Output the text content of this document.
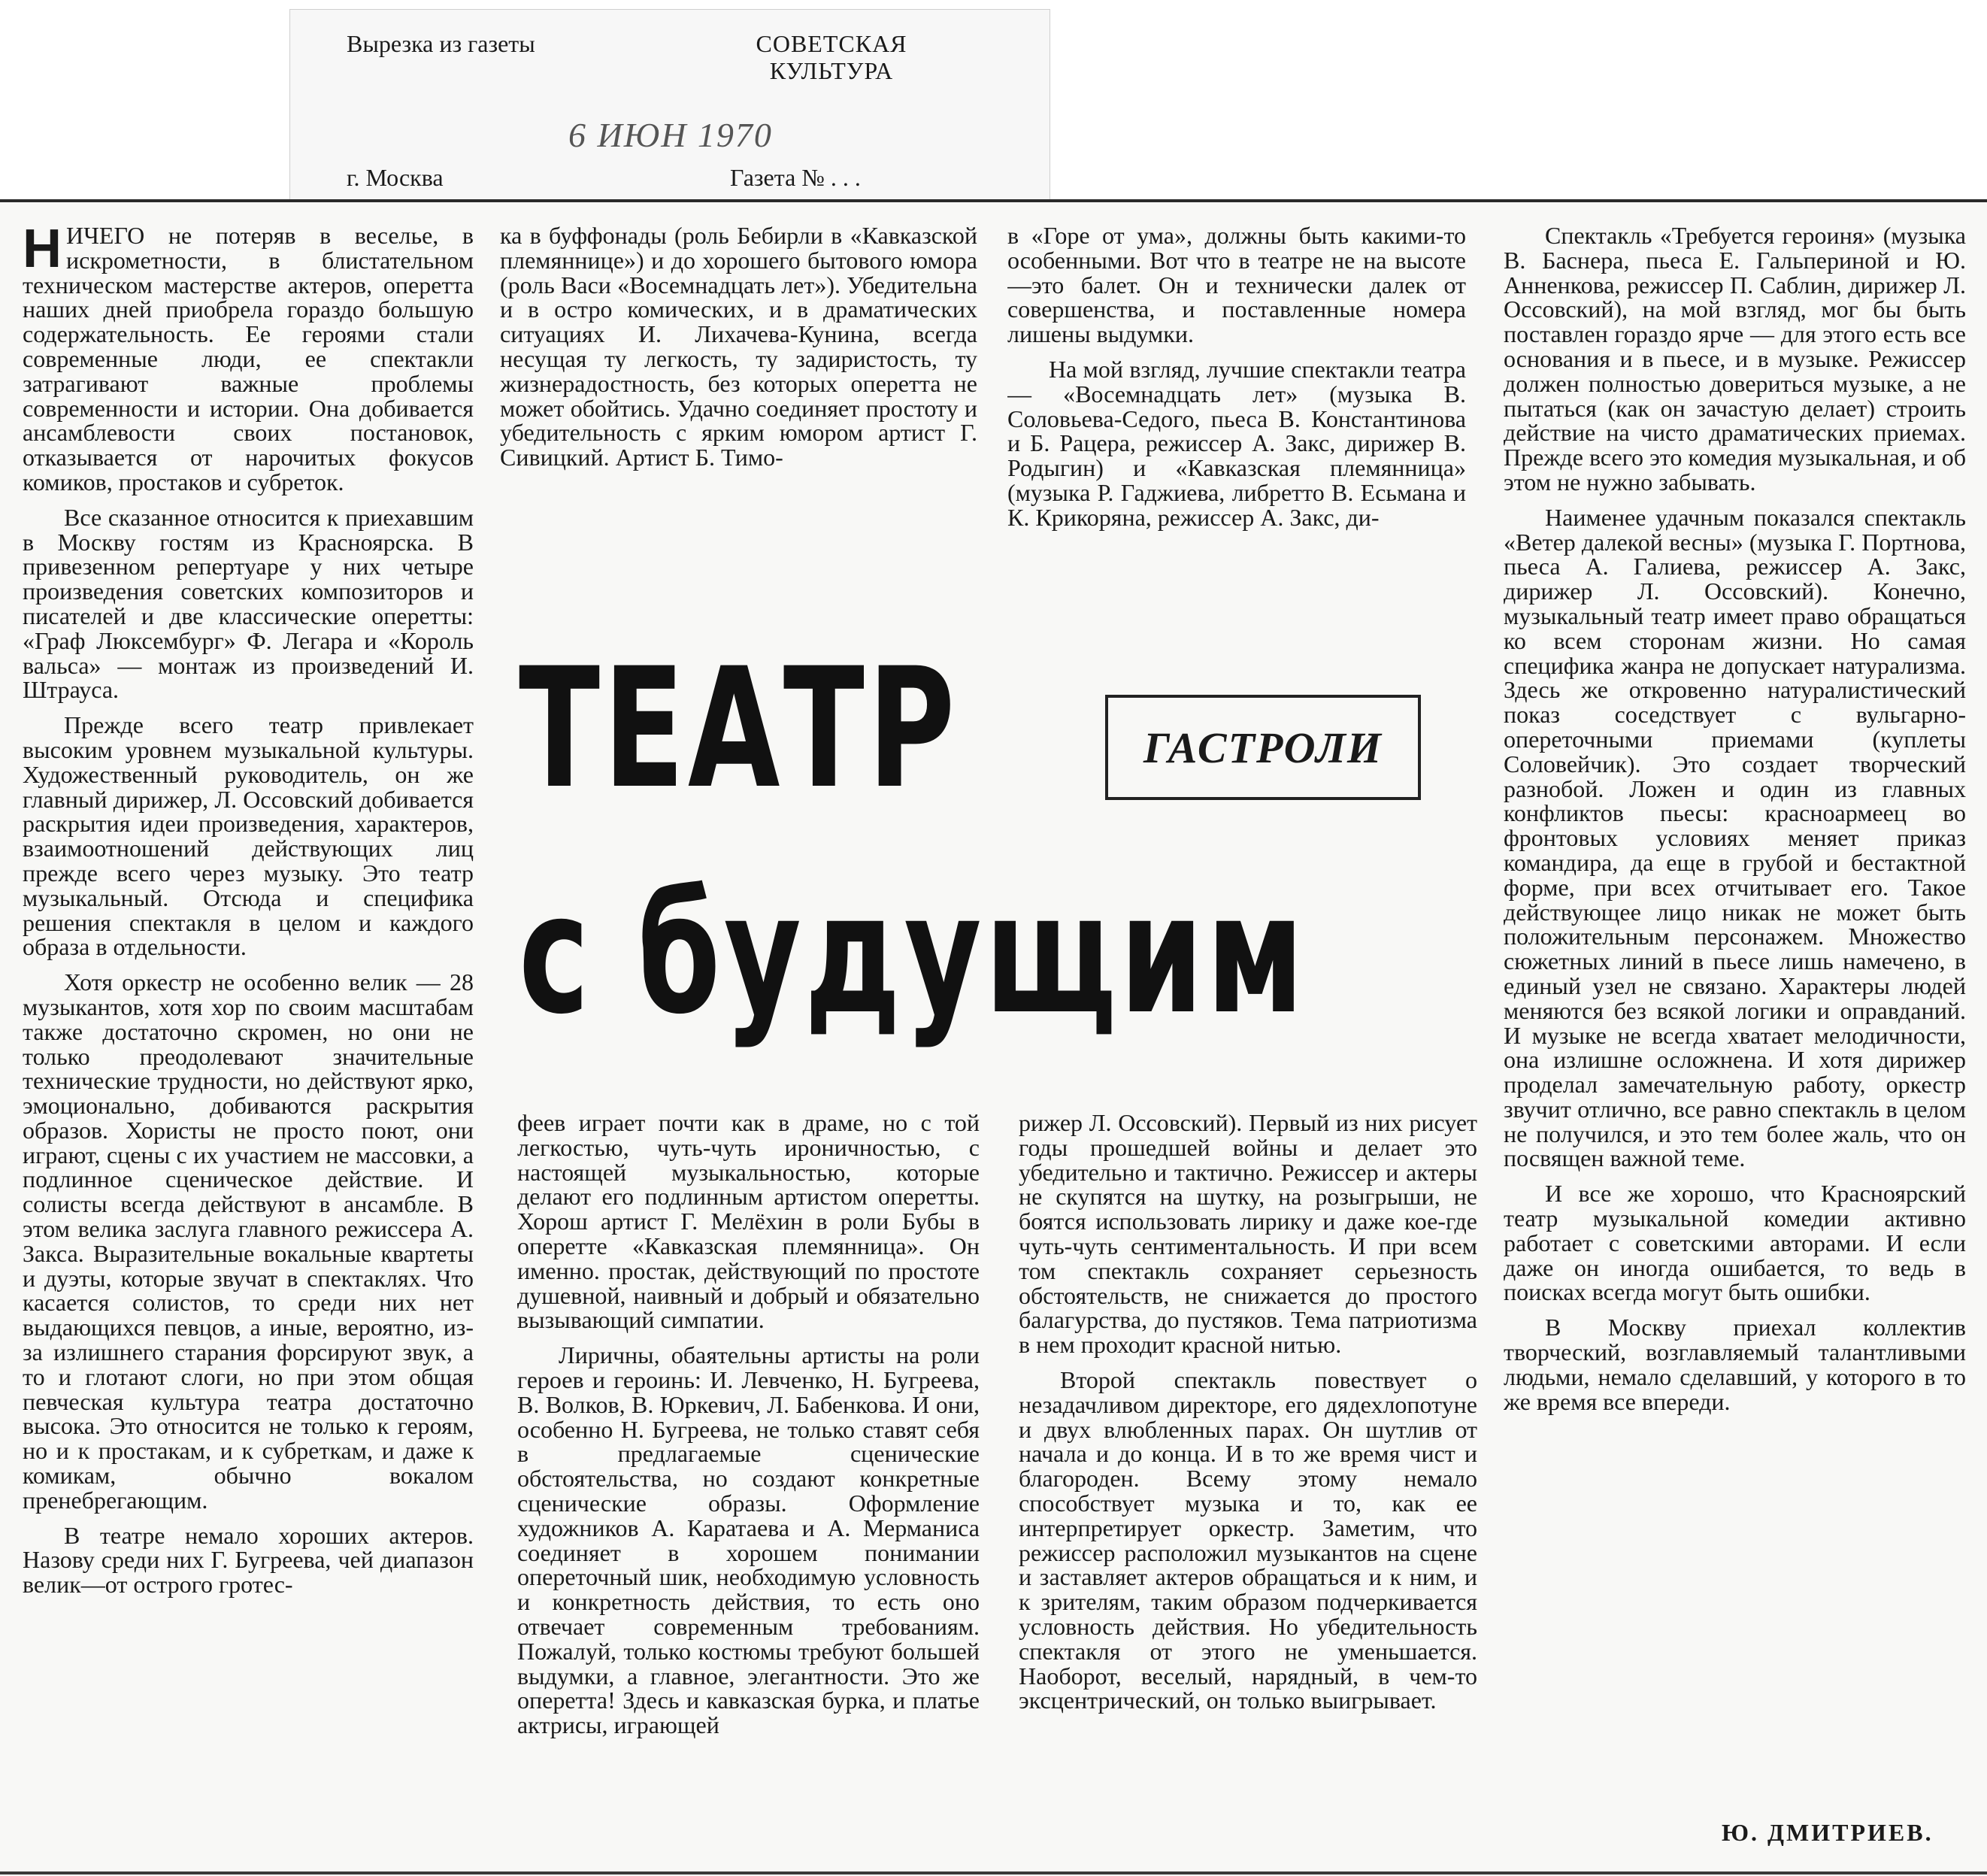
Вырезка из газеты	СОВЕТСКАЯ КУЛЬТУРА
6 ИЮН 1970
г. Москва	Газета № . . .

НИЧЕГО не потеряв в веселье, в искрометности, в блистательном техническом мастерстве актеров, оперетта наших дней приобрела гораздо большую содержательность. Ее героями стали современные люди, ее спектакли затрагивают важные проблемы современности и истории. Она добивается ансамблевости своих постановок, отказывается от нарочитых фокусов комиков, простаков и субреток.

Все сказанное относится к приехавшим в Москву гостям из Красноярска. В привезенном репертуаре у них четыре произведения советских композиторов и писателей и две классические оперетты: «Граф Люксембург» Ф. Легара и «Король вальса» — монтаж из произведений И. Штрауса.

Прежде всего театр привлекает высоким уровнем музыкальной культуры. Художественный руководитель, он же главный дирижер, Л. Оссовский добивается раскрытия идеи произведения, характеров, взаимоотношений действующих лиц прежде всего через музыку. Это театр музыкальный. Отсюда и специфика решения спектакля в целом и каждого образа в отдельности.

Хотя оркестр не особенно велик — 28 музыкантов, хотя хор по своим масштабам также достаточно скромен, но они не только преодолевают значительные технические трудности, но действуют ярко, эмоционально, добиваются раскрытия образов. Хористы не просто поют, они играют, сцены с их участием не массовки, а подлинное сценическое действие. И солисты всегда действуют в ансамбле. В этом велика заслуга главного режиссера А. Закса. Выразительные вокальные квартеты и дуэты, которые звучат в спектаклях. Что касается солистов, то среди них нет выдающихся певцов, а иные, вероятно, из-за излишнего старания форсируют звук, а то и глотают слоги, но при этом общая певческая культура театра достаточно высока. Это относится не только к героям, но и к простакам, и к субреткам, и даже к комикам, обычно вокалом пренебрегающим.

В театре немало хороших актеров. Назову среди них Г. Бугреева, чей диапазон велик—от острого гротес-

ка в буффонады (роль Бебирли в «Кавказской племяннице») и до хорошего бытового юмора (роль Васи «Восемнадцать лет»). Убедительна и в остро комических, и в драматических ситуациях И. Лихачева-Кунина, всегда несущая ту легкость, ту задиристость, ту жизнерадостность, без которых оперетта не может обойтись. Удачно соединяет простоту и убедительность с ярким юмором артист Г. Сивицкий. Артист Б. Тимо-

в «Горе от ума», должны быть какими-то особенными. Вот что в театре не на высоте—это балет. Он и технически далек от совершенства, и поставленные номера лишены выдумки.

На мой взгляд, лучшие спектакли театра — «Восемнадцать лет» (музыка В. Соловьева-Седого, пьеса В. Константинова и Б. Рацера, режиссер А. Закс, дирижер В. Родыгин) и «Кавказская племянница» (музыка Р. Гаджиева, либретто В. Есьмана и К. Крикоряна, режиссер А. Закс, ди-

ТЕАТР
с будущим
ГАСТРОЛИ

феев играет почти как в драме, но с той легкостью, чуть-чуть ироничностью, с настоящей музыкальностью, которые делают его подлинным артистом оперетты. Хорош артист Г. Мелёхин в роли Бубы в оперетте «Кавказская племянница». Он именно. простак, действующий по простоте душевной, наивный и добрый и обязательно вызывающий симпатии.

Лиричны, обаятельны артисты на роли героев и героинь: И. Левченко, Н. Бугреева, В. Волков, В. Юркевич, Л. Бабенкова. И они, особенно Н. Бугреева, не только ставят себя в предлагаемые сценические обстоятельства, но создают конкретные сценические образы. Оформление художников А. Каратаева и А. Мерманиса соединяет в хорошем понимании опереточный шик, необходимую условность и конкретность действия, то есть оно отвечает современным требованиям. Пожалуй, только костюмы требуют большей выдумки, а главное, элегантности. Это же оперетта! Здесь и кавказская бурка, и платье актрисы, играющей

рижер Л. Оссовский). Первый из них рисует годы прошедшей войны и делает это убедительно и тактично. Режиссер и актеры не скупятся на шутку, на розыгрыши, не боятся использовать лирику и даже кое-где чуть-чуть сентиментальность. И при всем том спектакль сохраняет серьезность обстоятельств, не снижается до простого балагурства, до пустяков. Тема патриотизма в нем проходит красной нитью.

Второй спектакль повествует о незадачливом директоре, его дядехлопотуне и двух влюбленных парах. Он шутлив от начала и до конца. И в то же время чист и благороден. Всему этому немало способствует музыка и то, как ее интерпретирует оркестр. Заметим, что режиссер расположил музыкантов на сцене и заставляет актеров обращаться и к ним, и к зрителям, таким образом подчеркивается условность действия. Но убедительность спектакля от этого не уменьшается. Наоборот, веселый, нарядный, в чем-то эксцентрический, он только выигрывает.

Спектакль «Требуется героиня» (музыка В. Баснера, пьеса Е. Гальпериной и Ю. Анненкова, режиссер П. Саблин, дирижер Л. Оссовский), на мой взгляд, мог бы быть поставлен гораздо ярче — для этого есть все основания и в пьесе, и в музыке. Режиссер должен полностью довериться музыке, а не пытаться (как он зачастую делает) строить действие на чисто драматических приемах. Прежде всего это комедия музыкальная, и об этом не нужно забывать.

Наименее удачным показался спектакль «Ветер далекой весны» (музыка Г. Портнова, пьеса А. Галиева, режиссер А. Закс, дирижер Л. Оссовский). Конечно, музыкальный театр имеет право обращаться ко всем сторонам жизни. Но самая специфика жанра не допускает натурализма. Здесь же откровенно натуралистический показ соседствует с вульгарно-опереточными приемами (куплеты Соловейчик). Это создает творческий разнобой. Ложен и один из главных конфликтов пьесы: красноармеец во фронтовых условиях меняет приказ командира, да еще в грубой и бестактной форме, при всех отчитывает его. Такое действующее лицо никак не может быть положительным персонажем. Множество сюжетных линий в пьесе лишь намечено, в единый узел не связано. Характеры людей меняются без всякой логики и оправданий. И музыке не всегда хватает мелодичности, она излишне осложнена. И хотя дирижер проделал замечательную работу, оркестр звучит отлично, все равно спектакль в целом не получился, и это тем более жаль, что он посвящен важной теме.

И все же хорошо, что Красноярский театр музыкальной комедии активно работает с советскими авторами. И если даже он иногда ошибается, то ведь в поисках всегда могут быть ошибки.

В Москву приехал коллектив творческий, возглавляемый талантливыми людьми, немало сделавший, у которого в то же время все впереди.

Ю. ДМИТРИЕВ.
